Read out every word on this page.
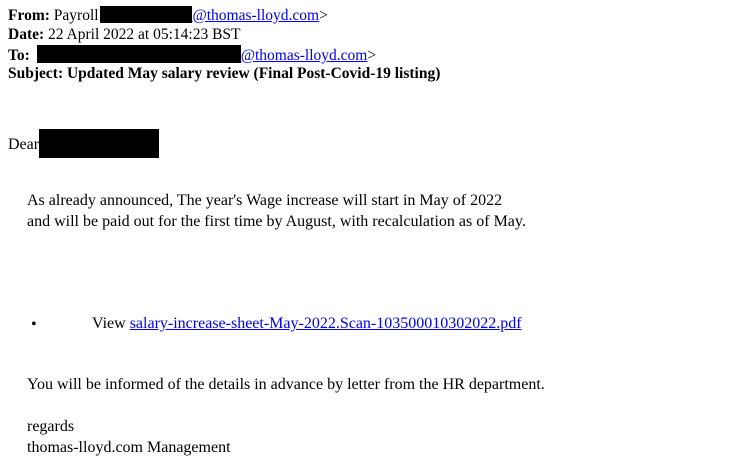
From: Payroll	@thomas-lloyd.com>
Date: 22 April 2022 at 05:14:23 BST
To:	@thomas-lloyd.com>
Subject: Updated May salary review (Final Post-Covid-19 listing)
Dear
As already announced, The year's Wage increase will start in May of 2022
and will be paid out for the first time by August, with recalculation as of May.
•	View salary-increase-sheet-May-2022.Scan-103500010302022.pdf
You will be informed of the details in advance by letter from the HR department.
regards
thomas-lloyd.com Management
